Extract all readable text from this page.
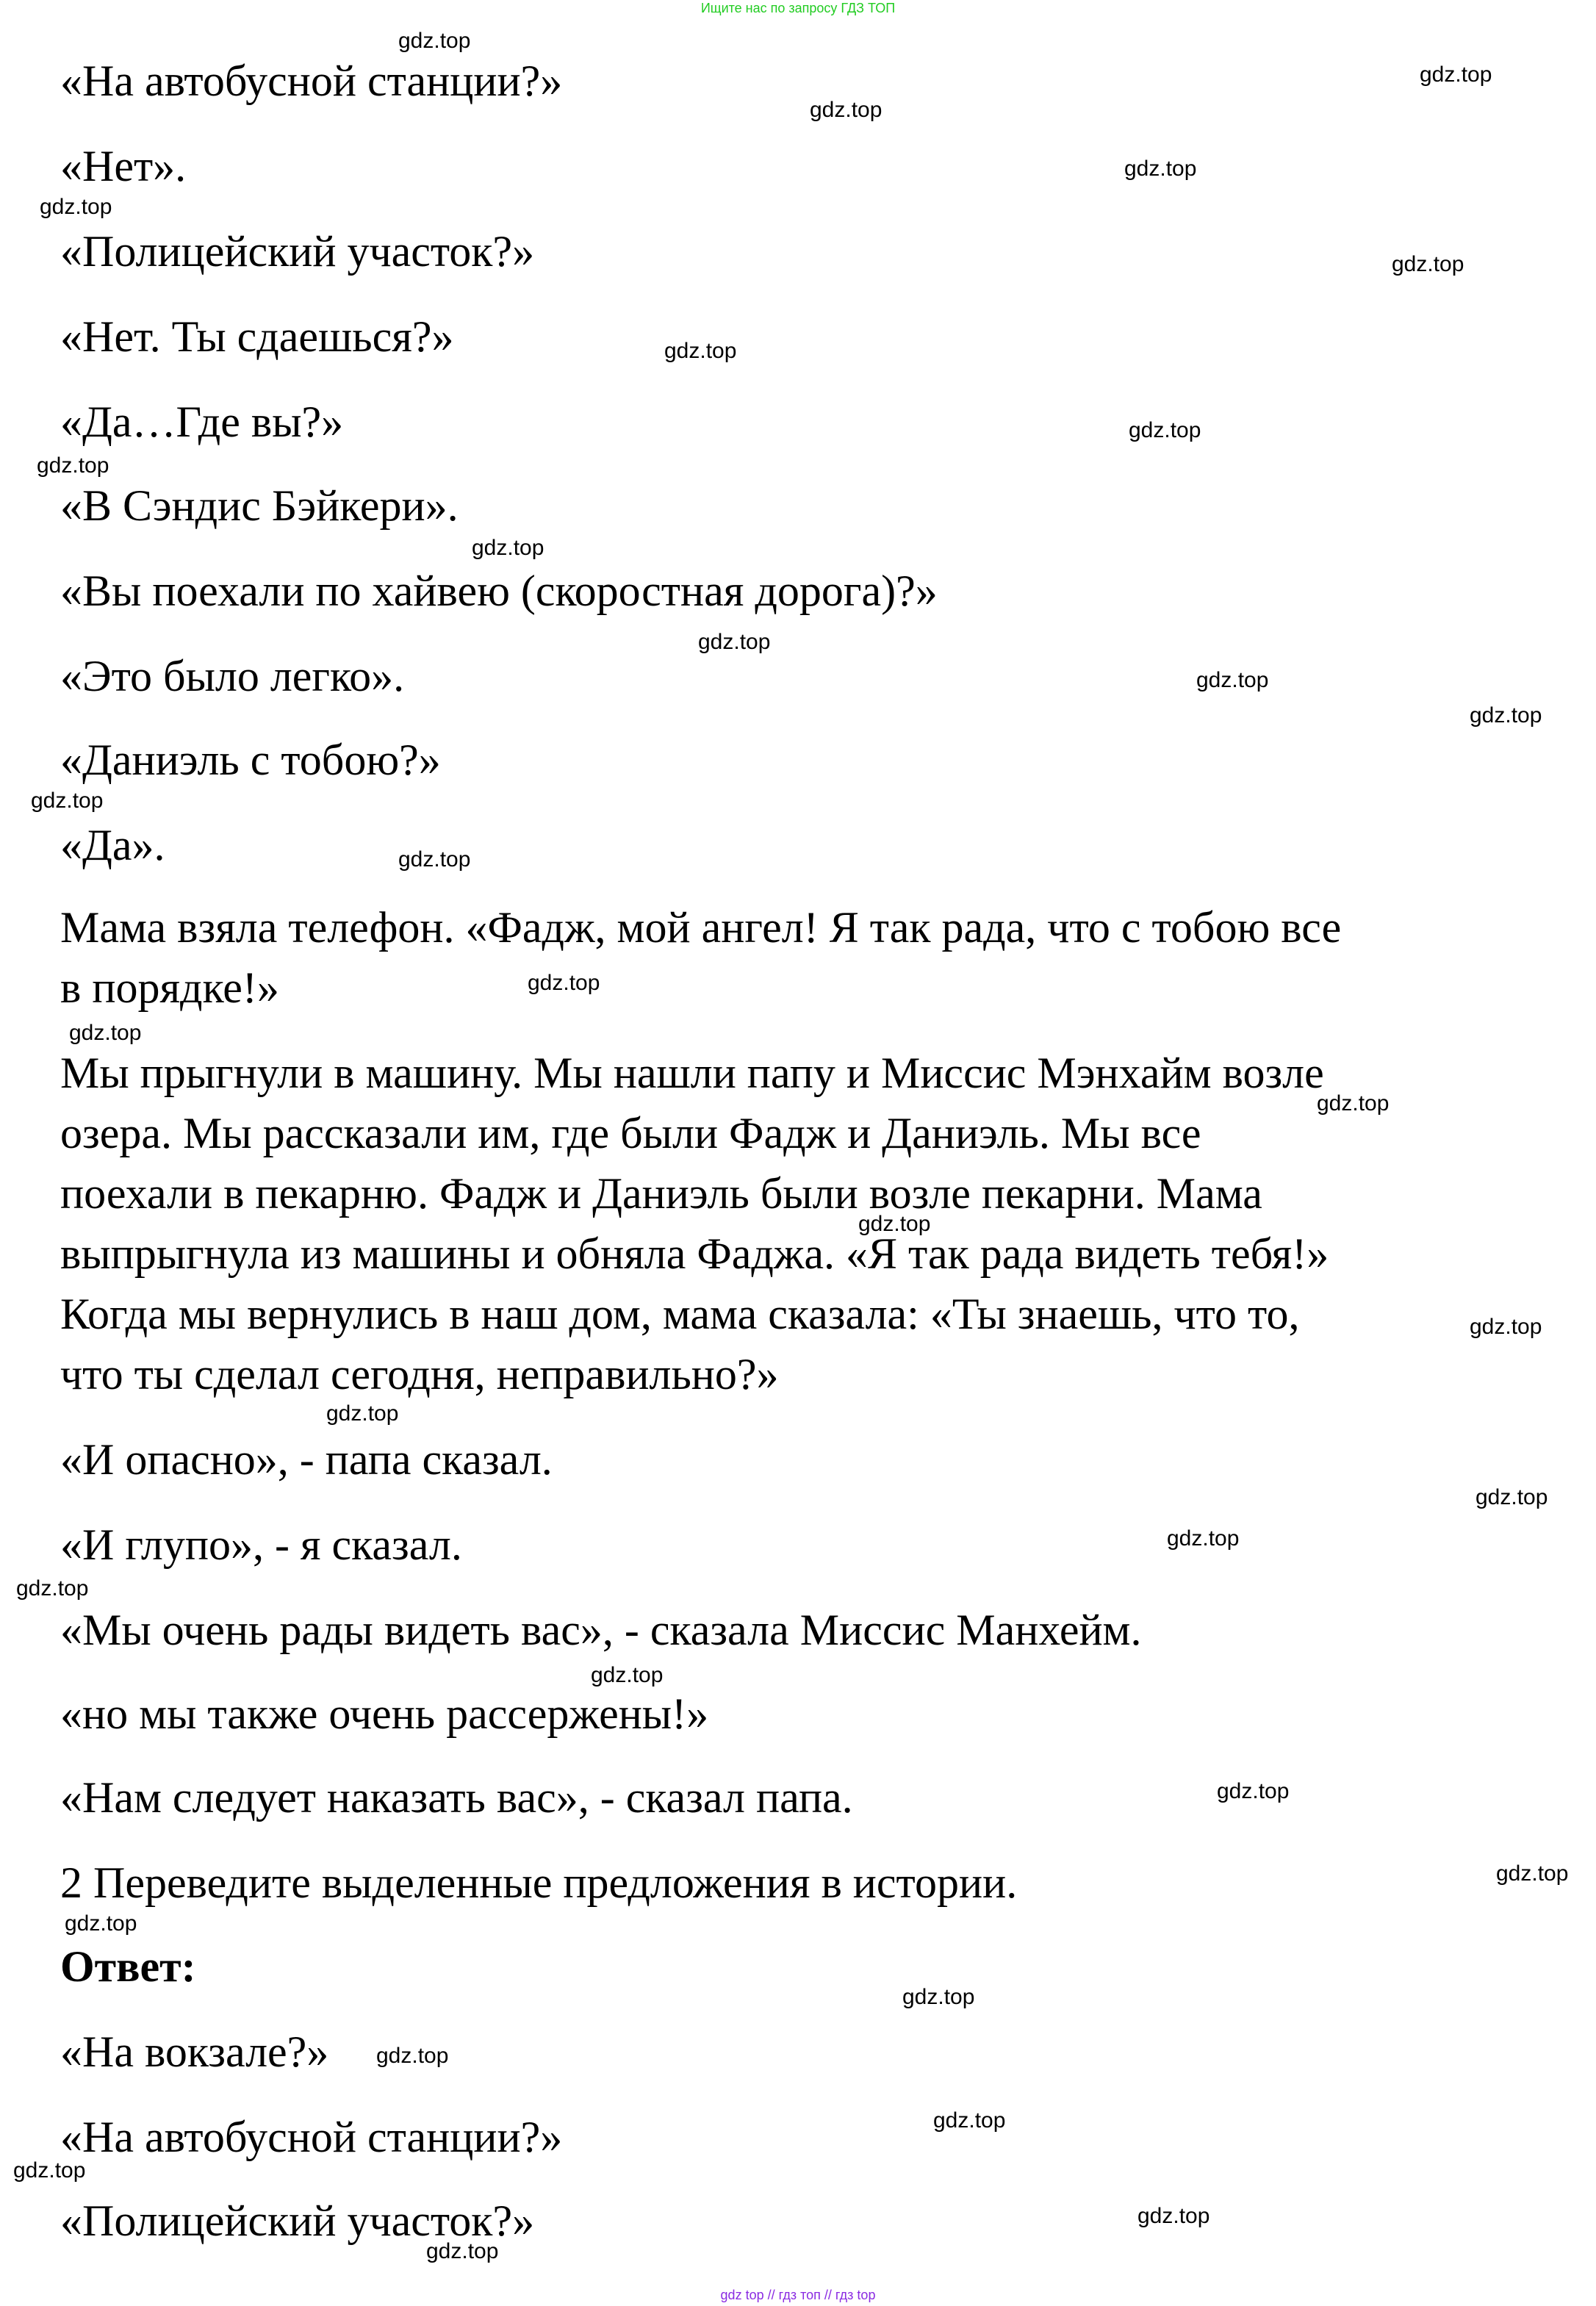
Ищите нас по запросу ГДЗ ТОП

«На автобусной станции?»

«Нет».

«Полицейский участок?»

«Нет. Ты сдаешься?»

«Да…Где вы?»

«В Сэндис Бэйкери».

«Вы поехали по хайвею (скоростная дорога)?»

«Это было легко».

«Даниэль с тобою?»

«Да».

Мама взяла телефон. «Фадж, мой ангел! Я так рада, что с тобою все

в порядке!»

Мы прыгнули в машину. Мы нашли папу и Миссис Мэнхайм возле

озера. Мы рассказали им, где были Фадж и Даниэль. Мы все

поехали в пекарню. Фадж и Даниэль были возле пекарни. Мама

выпрыгнула из машины и обняла Фаджа. «Я так рада видеть тебя!»

Когда мы вернулись в наш дом, мама сказала: «Ты знаешь, что то,

что ты сделал сегодня, неправильно?»

«И опасно», - папа сказал.

«И глупо», - я сказал.

«Мы очень рады видеть вас», - сказала Миссис Манхейм.

«но мы также очень рассержены!»

«Нам следует наказать вас», - сказал папа.

2 Переведите выделенные предложения в истории.

Ответ:

«На вокзале?»

«На автобусной станции?»

«Полицейский участок?»

gdz.top
gdz.top
gdz.top
gdz.top
gdz.top
gdz.top
gdz.top
gdz.top
gdz.top
gdz.top
gdz.top
gdz.top
gdz.top
gdz.top
gdz.top
gdz.top
gdz.top
gdz.top
gdz.top
gdz.top
gdz.top
gdz.top
gdz.top
gdz.top
gdz.top
gdz.top
gdz.top
gdz.top
gdz.top
gdz.top
gdz.top
gdz.top
gdz.top
gdz.top
gdz top // гдз топ // гдз top
